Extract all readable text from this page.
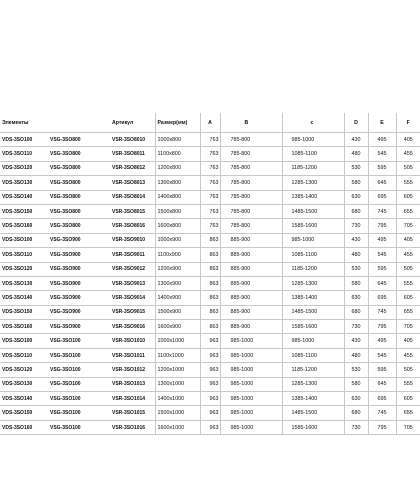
Элементы		Артикул	Размер(мм)	A	B	c	D	E	F
VDS-3SO100	VSG-3SO800	VSR-3SO8010	1000x800	763	785-800	985-1000	430	495	405
VDS-3SO110	VSG-3SO800	VSR-3SO8011	1100x800	763	785-800	1085-1100	480	545	455
VDS-3SO120	VSG-3SO800	VSR-3SO8012	1200x800	763	785-800	1185-1200	530	595	505
VDS-3SO130	VSG-3SO800	VSR-3SO8013	1300x800	763	785-800	1285-1300	580	645	555
VDS-3SO140	VSG-3SO800	VSR-3SO8014	1400x800	763	785-800	1385-1400	630	695	605
VDS-3SO150	VSG-3SO800	VSR-3SO8015	1500x800	763	785-800	1485-1500	680	745	655
VDS-3SO160	VSG-3SO800	VSR-3SO8016	1600x800	763	785-800	1585-1600	730	795	705
VDS-3SO100	VSG-3SO900	VSR-3SO9010	1000x900	863	885-900	985-1000	430	495	405
VDS-3SO110	VSG-3SO900	VSR-3SO9011	1100x900	863	885-900	1085-1100	480	545	455
VDS-3SO120	VSG-3SO900	VSR-3SO9012	1200x900	863	885-900	1185-1200	530	595	505
VDS-3SO130	VSG-3SO900	VSR-3SO9013	1300x900	863	885-900	1285-1300	580	645	555
VDS-3SO140	VSG-3SO900	VSR-3SO9014	1400x900	863	885-900	1385-1400	630	695	605
VDS-3SO150	VSG-3SO900	VSR-3SO9015	1500x900	863	885-900	1485-1500	680	745	655
VDS-3SO160	VSG-3SO900	VSR-3SO9016	1600x900	863	885-900	1585-1600	730	795	705
VDS-3SO100	VSG-3SO100	VSR-3SO1010	1000x1000	963	985-1000	985-1000	430	495	405
VDS-3SO110	VSG-3SO100	VSR-3SO1011	1100x1000	963	985-1000	1085-1100	480	545	455
VDS-3SO120	VSG-3SO100	VSR-3SO1012	1200x1000	963	985-1000	1185-1200	530	595	505
VDS-3SO130	VSG-3SO100	VSR-3SO1013	1300x1000	963	985-1000	1285-1300	580	645	555
VDS-3SO140	VSG-3SO100	VSR-3SO1014	1400x1000	963	985-1000	1385-1400	630	695	605
VDS-3SO150	VSG-3SO100	VSR-3SO1015	1500x1000	963	985-1000	1485-1500	680	745	655
VDS-3SO160	VSG-3SO100	VSR-3SO1016	1600x1000	963	985-1000	1585-1600	730	795	705
